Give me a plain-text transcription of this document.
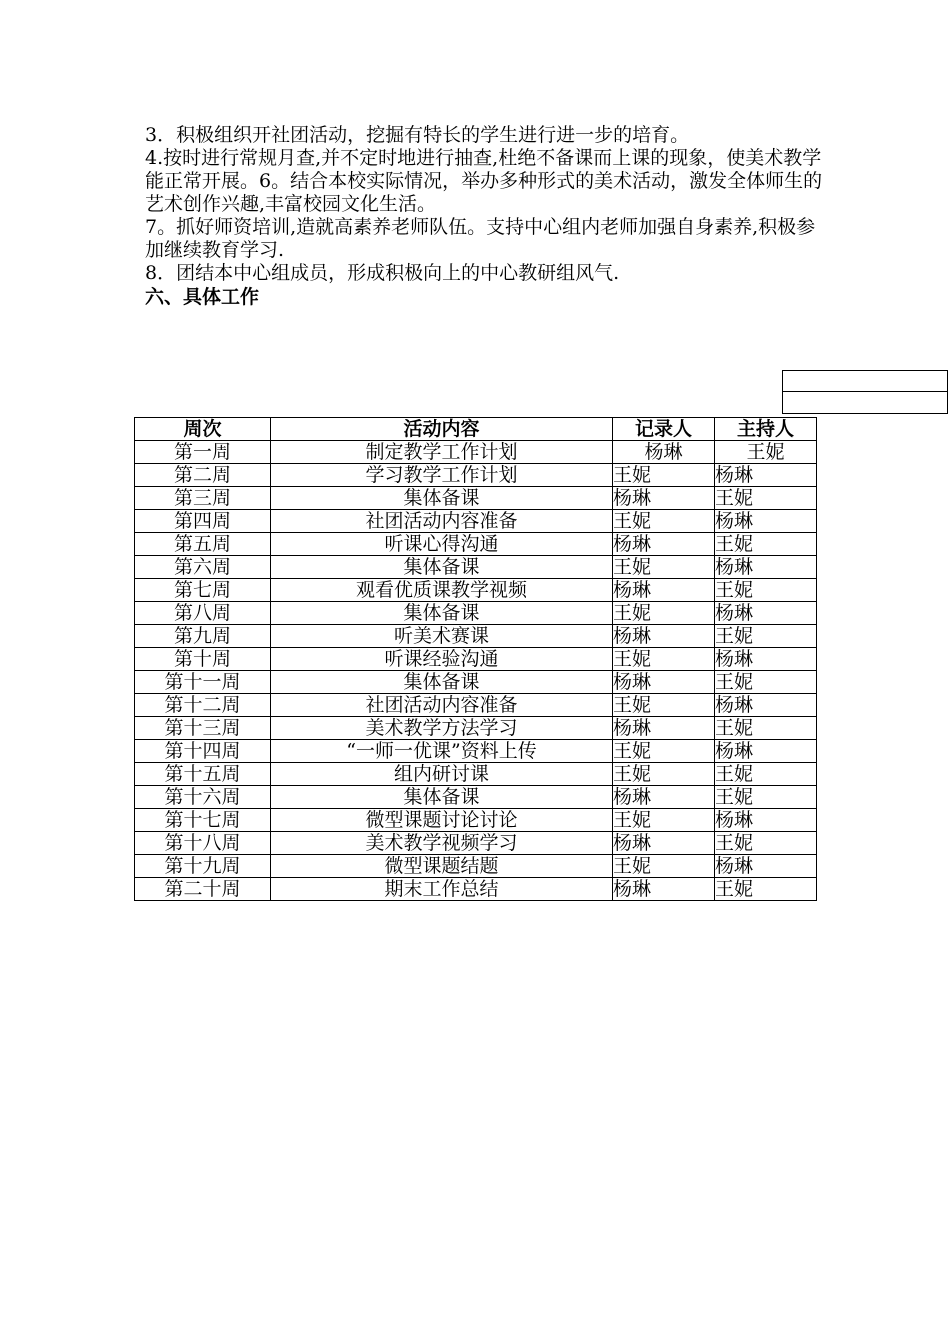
3．积极组织开社团活动，挖掘有特长的学生进行进一步的培育。

4.按时进行常规月查,并不定时地进行抽查,杜绝不备课而上课的现象，使美术教学能正常开展。6。结合本校实际情况，举办多种形式的美术活动，激发全体师生的艺术创作兴趣,丰富校园文化生活。

7。抓好师资培训,造就高素养老师队伍。支持中心组内老师加强自身素养,积极参加继续教育学习.

8．团结本中心组成员，形成积极向上的中心教研组风气.

六、具体工作
周次	活动内容	记录人	主持人
第一周	制定教学工作计划	杨琳	王妮
第二周	学习教学工作计划	王妮	杨琳
第三周	集体备课	杨琳	王妮
第四周	社团活动内容准备	王妮	杨琳
第五周	听课心得沟通	杨琳	王妮
第六周	集体备课	王妮	杨琳
第七周	观看优质课教学视频	杨琳	王妮
第八周	集体备课	王妮	杨琳
第九周	听美术赛课	杨琳	王妮
第十周	听课经验沟通	王妮	杨琳
第十一周	集体备课	杨琳	王妮
第十二周	社团活动内容准备	王妮	杨琳
第十三周	美术教学方法学习	杨琳	王妮
第十四周	“一师一优课”资料上传	王妮	杨琳
第十五周	组内研讨课	王妮	王妮
第十六周	集体备课	杨琳	王妮
第十七周	微型课题讨论讨论	王妮	杨琳
第十八周	美术教学视频学习	杨琳	王妮
第十九周	微型课题结题	王妮	杨琳
第二十周	期末工作总结	杨琳	王妮
